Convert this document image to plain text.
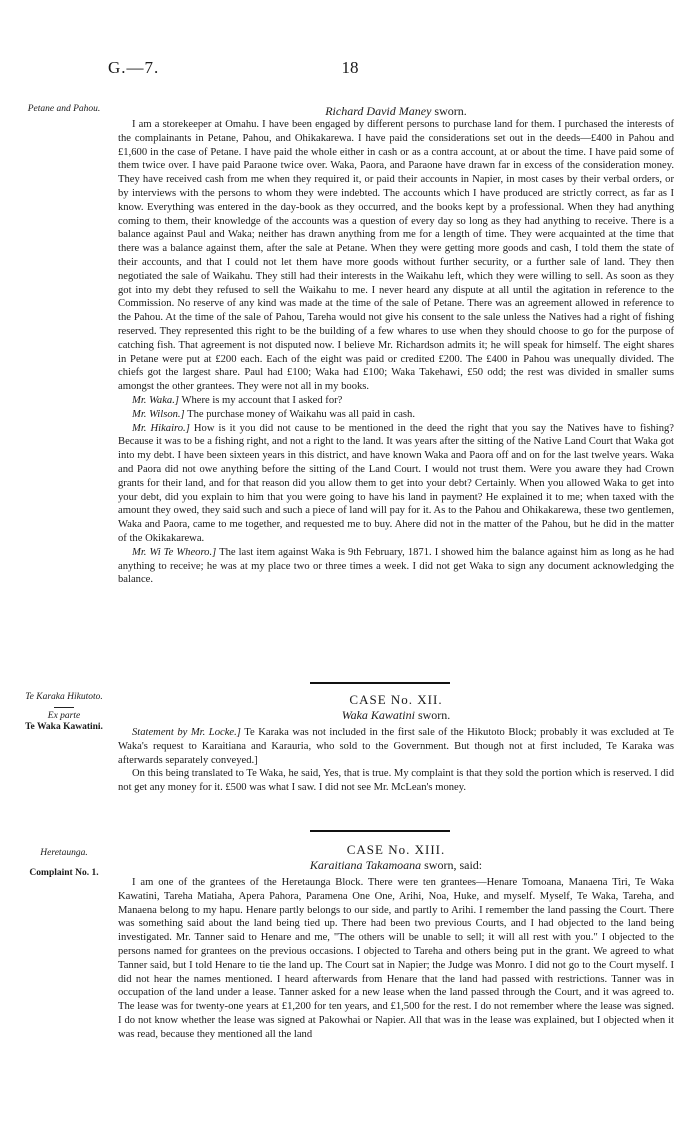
G.—7.	18
Petane and Pahou.
Te Karaka Hikutoto.
Ex parte
Te Waka Kawatini.
Heretaunga.
Complaint No. 1.
Richard David Maney sworn.

I am a storekeeper at Omahu. I have been engaged by different persons to purchase land for them. I purchased the interests of the complainants in Petane, Pahou, and Ohikakarewa. I have paid the considerations set out in the deeds—£400 in Pahou and £1,600 in the case of Petane. I have paid the whole either in cash or as a contra account, at or about the time. I have paid some of them twice over. I have paid Paraone twice over. Waka, Paora, and Paraone have drawn far in excess of the consideration money. They have received cash from me when they required it, or paid their accounts in Napier, in most cases by their verbal orders, or by interviews with the persons to whom they were indebted. The accounts which I have produced are strictly correct, as far as I know. Everything was entered in the day-book as they occurred, and the books kept by a professional. When they had anything coming to them, their knowledge of the accounts was a question of every day so long as they had anything to receive. There is a balance against Paul and Waka; neither has drawn anything from me for a length of time. They were acquainted at the time that there was a balance against them, after the sale at Petane. When they were getting more goods and cash, I told them the state of their accounts, and that I could not let them have more goods without further security, or a further sale of land. They then negotiated the sale of Waikahu. They still had their interests in the Waikahu left, which they were willing to sell. As soon as they got into my debt they refused to sell the Waikahu to me. I never heard any dispute at all until the agitation in reference to the Commission. No reserve of any kind was made at the time of the sale of Petane. There was an agreement allowed in reference to the Pahou. At the time of the sale of Pahou, Tareha would not give his consent to the sale unless the Natives had a right of fishing reserved. They represented this right to be the building of a few whares to use when they should choose to go for the purpose of catching fish. That agreement is not disputed now. I believe Mr. Richardson admits it; he will speak for himself. The eight shares in Petane were put at £200 each. Each of the eight was paid or credited £200. The £400 in Pahou was unequally divided. The chiefs got the largest share. Paul had £100; Waka had £100; Waka Takehawi, £50 odd; the rest was divided in smaller sums amongst the other grantees. They were not all in my books.

Mr. Waka.] Where is my account that I asked for?

Mr. Wilson.] The purchase money of Waikahu was all paid in cash.

Mr. Hikairo.] How is it you did not cause to be mentioned in the deed the right that you say the Natives have to fishing? Because it was to be a fishing right, and not a right to the land. It was years after the sitting of the Native Land Court that Waka got into my debt. I have been sixteen years in this district, and have known Waka and Paora off and on for the last twelve years. Waka and Paora did not owe anything before the sitting of the Land Court. I would not trust them. Were you aware they had Crown grants for their land, and for that reason did you allow them to get into your debt? Certainly. When you allowed Waka to get into your debt, did you explain to him that you were going to have his land in payment? He explained it to me; when taxed with the amount they owed, they said such and such a piece of land will pay for it. As to the Pahou and Ohikakarewa, these two gentlemen, Waka and Paora, came to me together, and requested me to buy. Ahere did not in the matter of the Pahou, but he did in the matter of the Okikakarewa.

Mr. Wi Te Wheoro.] The last item against Waka is 9th February, 1871. I showed him the balance against him as long as he had anything to receive; he was at my place two or three times a week. I did not get Waka to sign any document acknowledging the balance.

CASE No. XII.
Waka Kawatini sworn.

Statement by Mr. Locke.] Te Karaka was not included in the first sale of the Hikutoto Block; probably it was excluded at Te Waka's request to Karaitiana and Karauria, who sold to the Government. But though not at first included, Te Karaka was afterwards separately conveyed.]

On this being translated to Te Waka, he said, Yes, that is true. My complaint is that they sold the portion which is reserved. I did not get any money for it. £500 was what I saw. I did not see Mr. McLean's money.

CASE No. XIII.
Karaitiana Takamoana sworn, said:

I am one of the grantees of the Heretaunga Block. There were ten grantees—Henare Tomoana, Manaena Tiri, Te Waka Kawatini, Tareha Matiaha, Apera Pahora, Paramena One One, Arihi, Noa, Huke, and myself. Myself, Te Waka, Tareha, and Manaena belong to my hapu. Henare partly belongs to our side, and partly to Arihi. I remember the land passing the Court. There was something said about the land being tied up. There had been two previous Courts, and I had objected to the land being investigated. Mr. Tanner said to Henare and me, "The others will be unable to sell; it will all rest with you." I objected to the persons named for grantees on the previous occasions. I objected to Tareha and others being put in the grant. We agreed to what Tanner said, but I told Henare to tie the land up. The Court sat in Napier; the Judge was Monro. I did not go to the Court myself. I did not hear the names mentioned. I heard afterwards from Henare that the land had passed with restrictions. Tanner was in occupation of the land under a lease. Tanner asked for a new lease when the land passed through the Court, and it was agreed to. The lease was for twenty-one years at £1,200 for ten years, and £1,500 for the rest. I do not remember where the lease was signed. I do not know whether the lease was signed at Pakowhai or Napier. All that was in the lease was explained, but I objected when it was read, because they mentioned all the land
